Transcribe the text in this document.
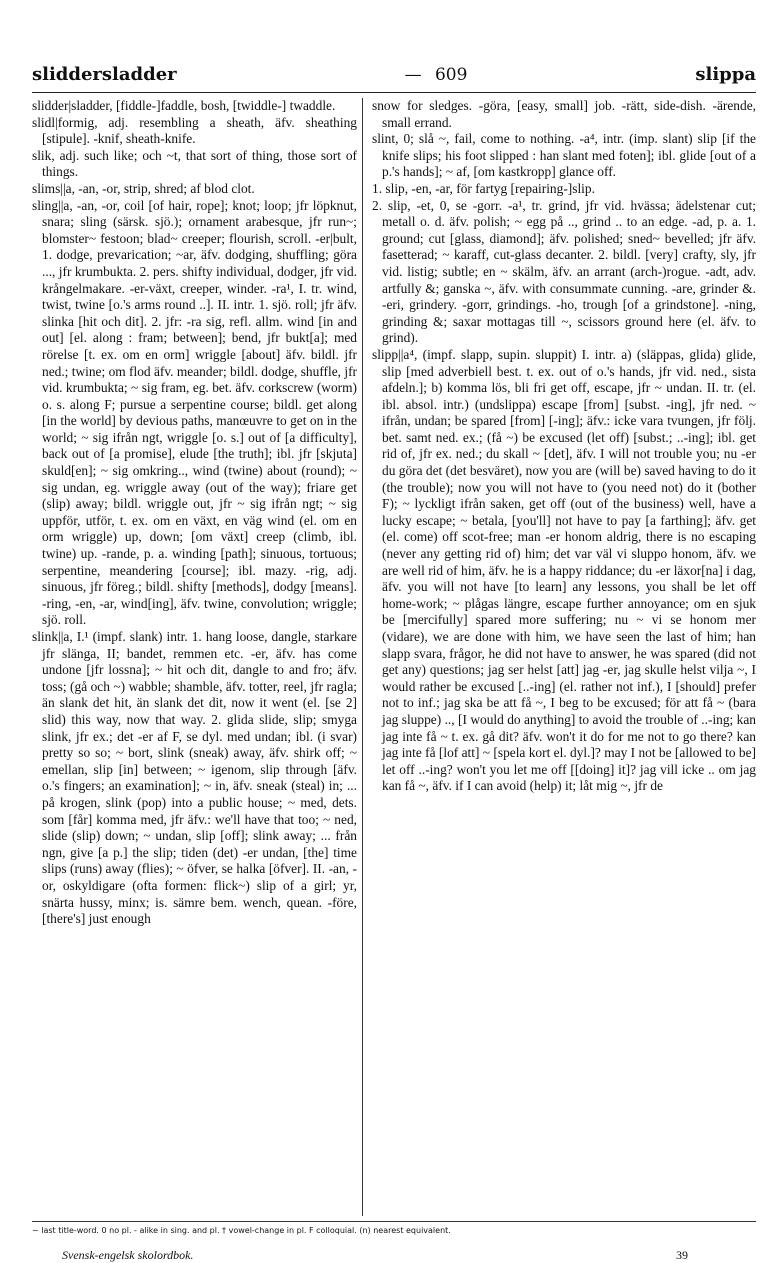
sliddersladder	— 609	slippa

slidder|sladder, [fiddle-]faddle, bosh, [twiddle-] twaddle.

slidl|formig, adj. resembling a sheath, äfv. sheathing [stipule]. -knif, sheath-knife.

slik, adj. such like; och ~t, that sort of thing, those sort of things.

slims||a, -an, -or, strip, shred; af blod clot.

sling||a, -an, -or, coil [of hair, rope]; knot; loop; jfr löpknut, snara; sling (särsk. sjö.); ornament arabesque, jfr run~; blomster~ festoon; blad~ creeper; flourish, scroll. -er|bult, 1. dodge, prevarication; ~ar, äfv. dodging, shuffling; göra ..., jfr krumbukta. 2. pers. shifty individual, dodger, jfr vid. krångelmakare. -er-växt, creeper, winder. -ra¹, I. tr. wind, twist, twine [o.'s arms round ..]. II. intr. 1. sjö. roll; jfr äfv. slinka [hit och dit]. 2. jfr: -ra sig, refl. allm. wind [in and out] [el. along : fram; between]; bend, jfr bukt[a]; med rörelse [t. ex. om en orm] wriggle [about] äfv. bildl. jfr ned.; twine; om flod äfv. meander; bildl. dodge, shuffle, jfr vid. krumbukta; ~ sig fram, eg. bet. äfv. corkscrew (worm) o. s. along F; pursue a serpentine course; bildl. get along [in the world] by devious paths, manœuvre to get on in the world; ~ sig ifrån ngt, wriggle [o. s.] out of [a difficulty], back out of [a promise], elude [the truth]; ibl. jfr [skjuta] skuld[en]; ~ sig omkring.., wind (twine) about (round); ~ sig undan, eg. wriggle away (out of the way); friare get (slip) away; bildl. wriggle out, jfr ~ sig ifrån ngt; ~ sig uppför, utför, t. ex. om en växt, en väg wind (el. om en orm wriggle) up, down; [om växt] creep (climb, ibl. twine) up. -rande, p. a. winding [path]; sinuous, tortuous; serpentine, meandering [course]; ibl. mazy. -rig, adj. sinuous, jfr föreg.; bildl. shifty [methods], dodgy [means]. -ring, -en, -ar, wind[ing], äfv. twine, convolution; wriggle; sjö. roll.

slink||a, I.¹ (impf. slank) intr. 1. hang loose, dangle, starkare jfr slänga, II; bandet, remmen etc. -er, äfv. has come undone [jfr lossna]; ~ hit och dit, dangle to and fro; äfv. toss; (gå och ~) wabble; shamble, äfv. totter, reel, jfr ragla; än slank det hit, än slank det dit, now it went (el. [se 2] slid) this way, now that way. 2. glida slide, slip; smyga slink, jfr ex.; det -er af F, se dyl. med undan; ibl. (i svar) pretty so so; ~ bort, slink (sneak) away, äfv. shirk off; ~ emellan, slip [in] between; ~ igenom, slip through [äfv. o.'s fingers; an examination]; ~ in, äfv. sneak (steal) in; ... på krogen, slink (pop) into a public house; ~ med, dets. som [får] komma med, jfr äfv.: we'll have that too; ~ ned, slide (slip) down; ~ undan, slip [off]; slink away; ... från ngn, give [a p.] the slip; tiden (det) -er undan, [the] time slips (runs) away (flies); ~ öfver, se halka [öfver]. II. -an, -or, oskyldigare (ofta formen: flick~) slip of a girl; yr, snärta hussy, minx; is. sämre bem. wench, quean. -före, [there's] just enough

snow for sledges. -göra, [easy, small] job. -rätt, side-dish. -ärende, small errand.

slint, 0; slå ~, fail, come to nothing. -a⁴, intr. (imp. slant) slip [if the knife slips; his foot slipped : han slant med foten]; ibl. glide [out of a p.'s hands]; ~ af, [om kastkropp] glance off.

1. slip, -en, -ar, för fartyg [repairing-]slip.

2. slip, -et, 0, se -gorr. -a¹, tr. grind, jfr vid. hvässa; ädelstenar cut; metall o. d. äfv. polish; ~ egg på .., grind .. to an edge. -ad, p. a. 1. ground; cut [glass, diamond]; äfv. polished; sned~ bevelled; jfr äfv. fasetterad; ~ karaff, cut-glass decanter. 2. bildl. [very] crafty, sly, jfr vid. listig; subtle; en ~ skälm, äfv. an arrant (arch-)rogue. -adt, adv. artfully &; ganska ~, äfv. with consummate cunning. -are, grinder &. -eri, grindery. -gorr, grindings. -ho, trough [of a grindstone]. -ning, grinding &; saxar mottagas till ~, scissors ground here (el. äfv. to grind).

slipp||a⁴, (impf. slapp, supin. sluppit) I. intr. a) (släppas, glida) glide, slip [med adverbiell best. t. ex. out of o.'s hands, jfr vid. ned., sista afdeln.]; b) komma lös, bli fri get off, escape, jfr ~ undan. II. tr. (el. ibl. absol. intr.) (undslippa) escape [from] [subst. -ing], jfr ned. ~ ifrån, undan; be spared [from] [-ing]; äfv.: icke vara tvungen, jfr följ. bet. samt ned. ex.; (få ~) be excused (let off) [subst.; ..-ing]; ibl. get rid of, jfr ex. ned.; du skall ~ [det], äfv. I will not trouble you; nu -er du göra det (det besväret), now you are (will be) saved having to do it (the trouble); now you will not have to (you need not) do it (bother F); ~ lyckligt ifrån saken, get off (out of the business) well, have a lucky escape; ~ betala, [you'll] not have to pay [a farthing]; äfv. get (el. come) off scot-free; man -er honom aldrig, there is no escaping (never any getting rid of) him; det var väl vi sluppo honom, äfv. we are well rid of him, äfv. he is a happy riddance; du -er läxor[na] i dag, äfv. you will not have [to learn] any lessons, you shall be let off home-work; ~ plågas längre, escape further annoyance; om en sjuk be [mercifully] spared more suffering; nu ~ vi se honom mer (vidare), we are done with him, we have seen the last of him; han slapp svara, frågor, he did not have to answer, he was spared (did not get any) questions; jag ser helst [att] jag -er, jag skulle helst vilja ~, I would rather be excused [..-ing] (el. rather not inf.), I [should] prefer not to inf.; jag ska be att få ~, I beg to be excused; för att få ~ (bara jag sluppe) .., [I would do anything] to avoid the trouble of ..-ing; kan jag inte få ~ t. ex. gå dit? äfv. won't it do for me not to go there? kan jag inte få [lof att] ~ [spela kort el. dyl.]? may I not be [allowed to be] let off ..-ing? won't you let me off [[doing] it]? jag vill icke .. om jag kan få ~, äfv. if I can avoid (help) it; låt mig ~, jfr de

~ last title-word. 0 no pl. - alike in sing. and pl. † vowel-change in pl. F colloquial. (n) nearest equivalent.
Svensk-engelsk skolordbok.	39
